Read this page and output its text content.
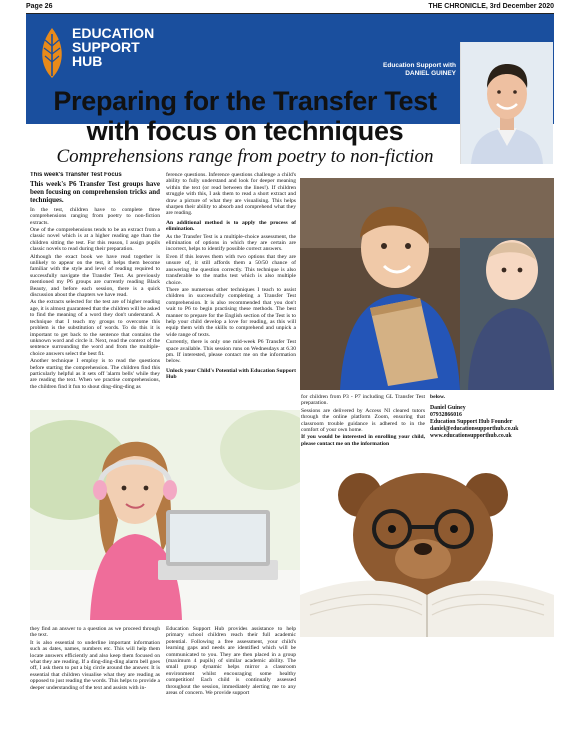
Page 26	THE CHRONICLE, 3rd December 2020
EDUCATION
SUPPORT
HUB	Education Support with
DANIEL GUINEY
Preparing for the Transfer Test
with focus on techniques
Comprehensions range from poetry to non-fiction

This week's Transfer Test Focus

This week's P6 Transfer Test groups have been focusing on comprehension tricks and techniques.

In the test, children have to complete three comprehensions ranging from poetry to non-fiction extracts.

One of the comprehensions tends to be an extract from a classic novel which is at a higher reading age than the children sitting the test. For this reason, I assign pupils classic novels to read during their preparation.

Although the exact book we have read together is unlikely to appear on the test, it helps them become familiar with the style and level of reading required to successfully navigate the Transfer Test. As previously mentioned my P6 groups are currently reading Black Beauty, and before each session, there is a quick discussion about the chapters we have read.

As the extracts selected for the test are of higher reading age, it is almost guaranteed that the children will be asked to find the meaning of a word they don't understand. A technique that I teach my groups to overcome this problem is the substitution of words. To do this it is important to get back to the sentence that contains the unknown word and circle it. Next, read the context of the sentence surrounding the word and from the multiple-choice answers select the best fit.

Another technique I employ is to read the questions before starting the comprehension. The children find this particularly helpful as it sets off 'alarm bells' while they are reading the text. When we practise comprehensions, the children find it fun to shout ding-ding-ding as

ference questions. Inference questions challenge a child's ability to fully understand and look for deeper meaning within the text (or read between the lines!). If children struggle with this, I ask them to read a short extract and draw a picture of what they are visualising. This helps sharpen their ability to absorb and comprehend what they are reading.

An additional method is to apply the process of elimination.

As the Transfer Test is a multiple-choice assessment, the elimination of options in which they are certain are incorrect, helps to identify possible correct answers.

Even if this leaves them with two options that they are unsure of, it still affords them a 50/50 chance of answering the question correctly. This technique is also transferable to the maths test which is also multiple choice.

There are numerous other techniques I teach to assist children in successfully completing a Transfer Test comprehension. It is also recommended that you don't wait to P6 to begin practising these methods. The best manner to prepare for the English section of the Test is to help your child develop a love for reading, as this will equip them with the skills to comprehend and unpick a wide range of texts.

Currently, there is only one mid-week P6 Transfer Test space available. This session runs on Wednesdays at 6.30 pm. If interested, please contact me on the information below.

Unlock your Child's Potential with Education Support Hub

for children from P3 - P7 including GL Transfer Test preparation.

Sessions are delivered by Access NI cleared tutors through the online platform Zoom, ensuring that classroom trouble guidance is adhered to in the comfort of your own home.

If you would be interested in enrolling your child, please contact me on the information

below.
Daniel Guiney
07932866016
Education Support Hub Founder
daniel@educationsupporthub.co.uk
www.educationsupporthub.co.uk

they find an answer to a question as we proceed through the text.

It is also essential to underline important information such as dates, names, numbers etc. This will help them locate answers efficiently and also keep them focused on what they are reading. If a ding-ding-ding alarm bell goes off, I ask them to put a big circle around the answer. It is essential that children visualise what they are reading as opposed to just reading the words. This helps to provide a deeper understanding of the text and assists with in-

Education Support Hub provides assistance to help primary school children reach their full academic potential. Following a free assessment, your child's learning gaps and needs are identified which will be communicated to you. They are then placed in a group (maximum 4 pupils) of similar academic ability. The small group dynamic helps mirror a classroom environment whilst encouraging some healthy competition! Each child is continually assessed throughout the session, immediately alerting me to any areas of concern. We provide support
